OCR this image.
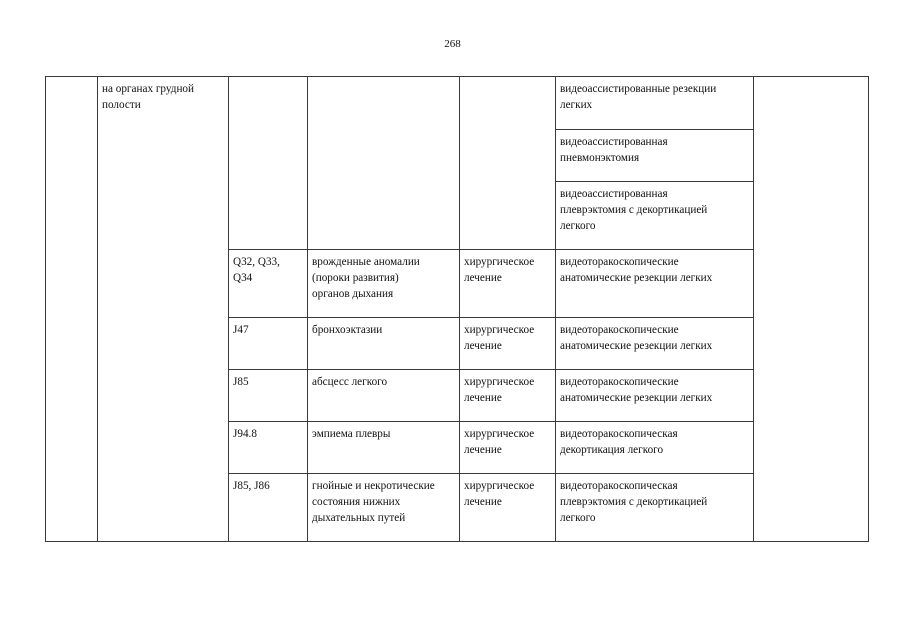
268

	на органах грудной
полости				видеоассистированные резекции
легких	

					видеоассистированная
пневмонэктомия	

					видеоассистированная
плеврэктомия с декортикацией
легкого	

		Q32, Q33,
Q34	врожденные аномалии
(пороки развития)
органов дыхания	хирургическое
лечение	видеоторакоскопические
анатомические резекции легких	

		J47	бронхоэктазии	хирургическое
лечение	видеоторакоскопические
анатомические резекции легких	

		J85	абсцесс легкого	хирургическое
лечение	видеоторакоскопические
анатомические резекции легких	

		J94.8	эмпиема плевры	хирургическое
лечение	видеоторакоскопическая
декортикация легкого	

		J85, J86	гнойные и некротические
состояния нижних
дыхательных путей	хирургическое
лечение	видеоторакоскопическая
плеврэктомия с декортикацией
легкого	
